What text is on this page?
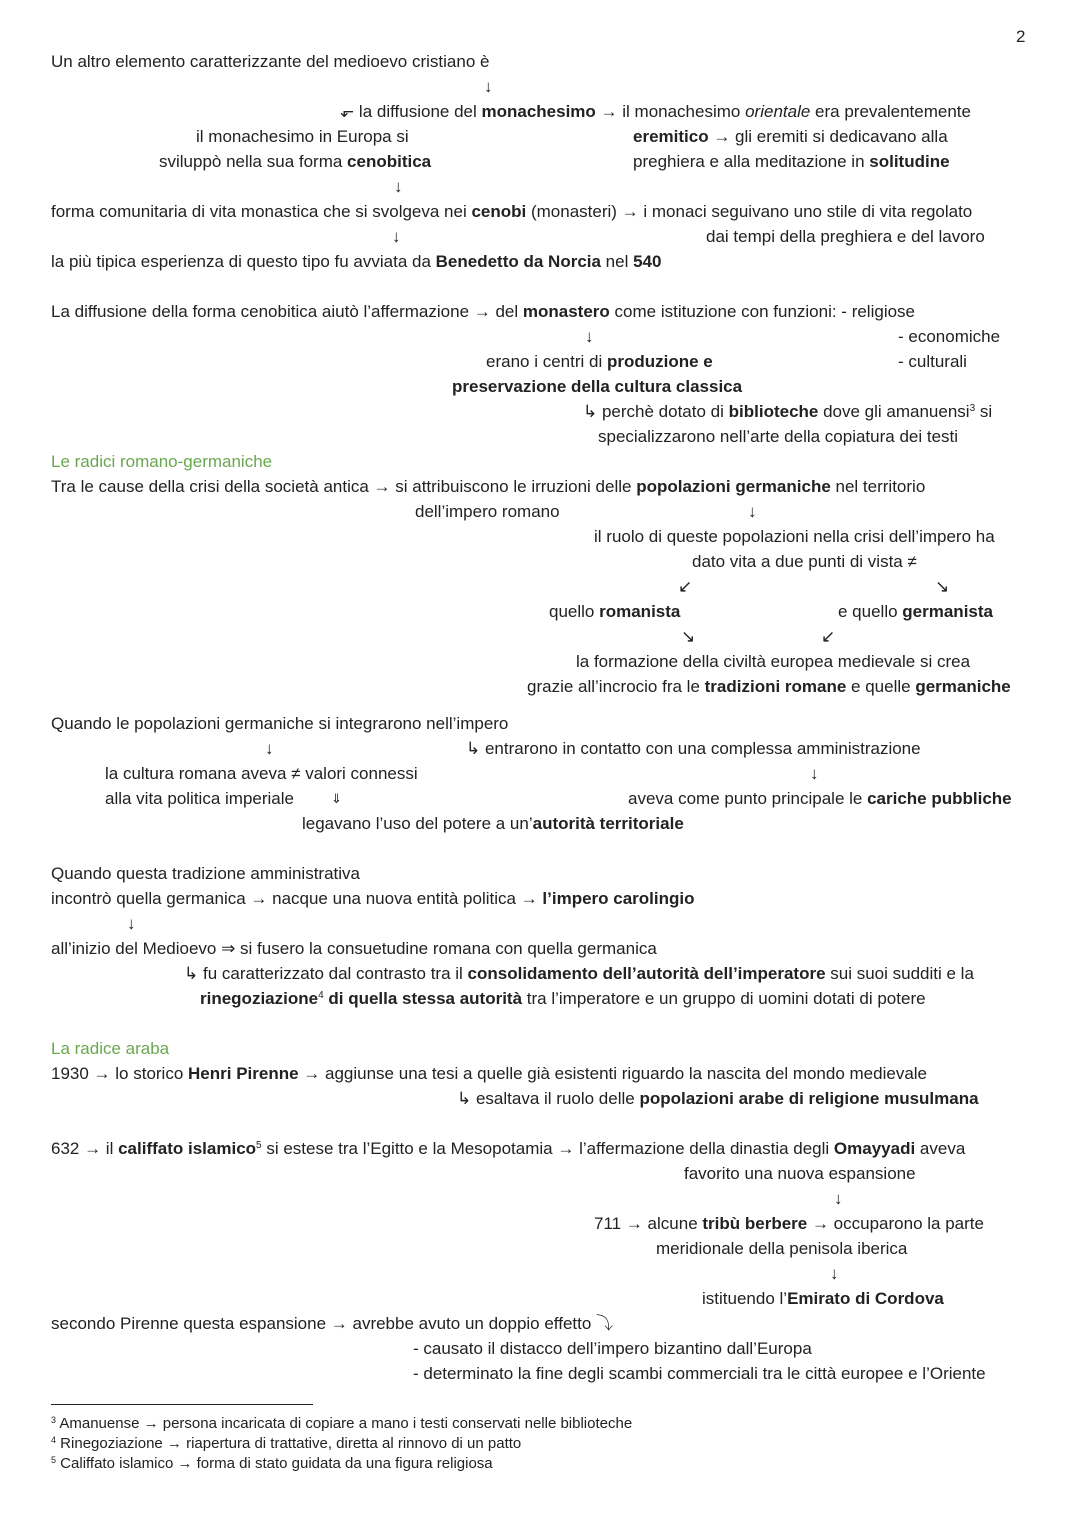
2
Un altro elemento caratterizzante del medioevo cristiano è
↓
⬐ la diffusione del monachesimo → il monachesimo orientale era prevalentemente
il monachesimo in Europa si	eremitico → gli eremiti si dedicavano alla
sviluppò nella sua forma cenobitica	preghiera e alla meditazione in solitudine
↓
forma comunitaria di vita monastica che si svolgeva nei cenobi (monasteri) → i monaci seguivano uno stile di vita regolato
↓	dai tempi della preghiera e del lavoro
la più tipica esperienza di questo tipo fu avviata da Benedetto da Norcia nel 540
La diffusione della forma cenobitica aiutò l’affermazione → del monastero come istituzione con funzioni: - religiose
↓	- economiche
erano i centri di produzione e	- culturali
preservazione della cultura classica
↳ perchè dotato di biblioteche dove gli amanuensi$^3$ si
specializzarono nell’arte della copiatura dei testi
Le radici romano-germaniche
Tra le cause della crisi della società antica → si attribuiscono le irruzioni delle popolazioni germaniche nel territorio
dell’impero romano	↓
il ruolo di queste popolazioni nella crisi dell’impero ha
dato vita a due punti di vista ≠
↙	↘
quello romanista	e quello germanista
↘	↙
la formazione della civiltà europea medievale si crea
grazie all’incrocio fra le tradizioni romane e quelle germaniche
Quando le popolazioni germaniche si integrarono nell’impero
↓	↳ entrarono in contatto con una complessa amministrazione
la cultura romana aveva ≠ valori connessi	↓
alla vita politica imperiale	⇓	aveva come punto principale le cariche pubbliche
legavano l’uso del potere a un’autorità territoriale
Quando questa tradizione amministrativa
incontrò quella germanica → nacque una nuova entità politica → l’impero carolingio
↓
all’inizio del Medioevo ⇒ si fusero la consuetudine romana con quella germanica
↳ fu caratterizzato dal contrasto tra il consolidamento dell’autorità dell’imperatore sui suoi sudditi e la
rinegoziazione$^4$ di quella stessa autorità tra l’imperatore e un gruppo di uomini dotati di potere
La radice araba
1930 → lo storico Henri Pirenne → aggiunse una tesi a quelle già esistenti riguardo la nascita del mondo medievale
↳ esaltava il ruolo delle popolazioni arabe di religione musulmana
632 → il califfato islamico$^5$ si estese tra l’Egitto e la Mesopotamia → l’affermazione della dinastia degli Omayyadi aveva
favorito una nuova espansione
↓
711 → alcune tribù berbere → occuparono la parte
meridionale della penisola iberica
↓
istituendo l’Emirato di Cordova
secondo Pirenne questa espansione → avrebbe avuto un doppio effetto ⤵
- causato il distacco dell’impero bizantino dall’Europa
- determinato la fine degli scambi commerciali tra le città europee e l’Oriente
$^3$ Amanuense → persona incaricata di copiare a mano i testi conservati nelle biblioteche
$^4$ Rinegoziazione → riapertura di trattative, diretta al rinnovo di un patto
$^5$ Califfato islamico → forma di stato guidata da una figura religiosa
